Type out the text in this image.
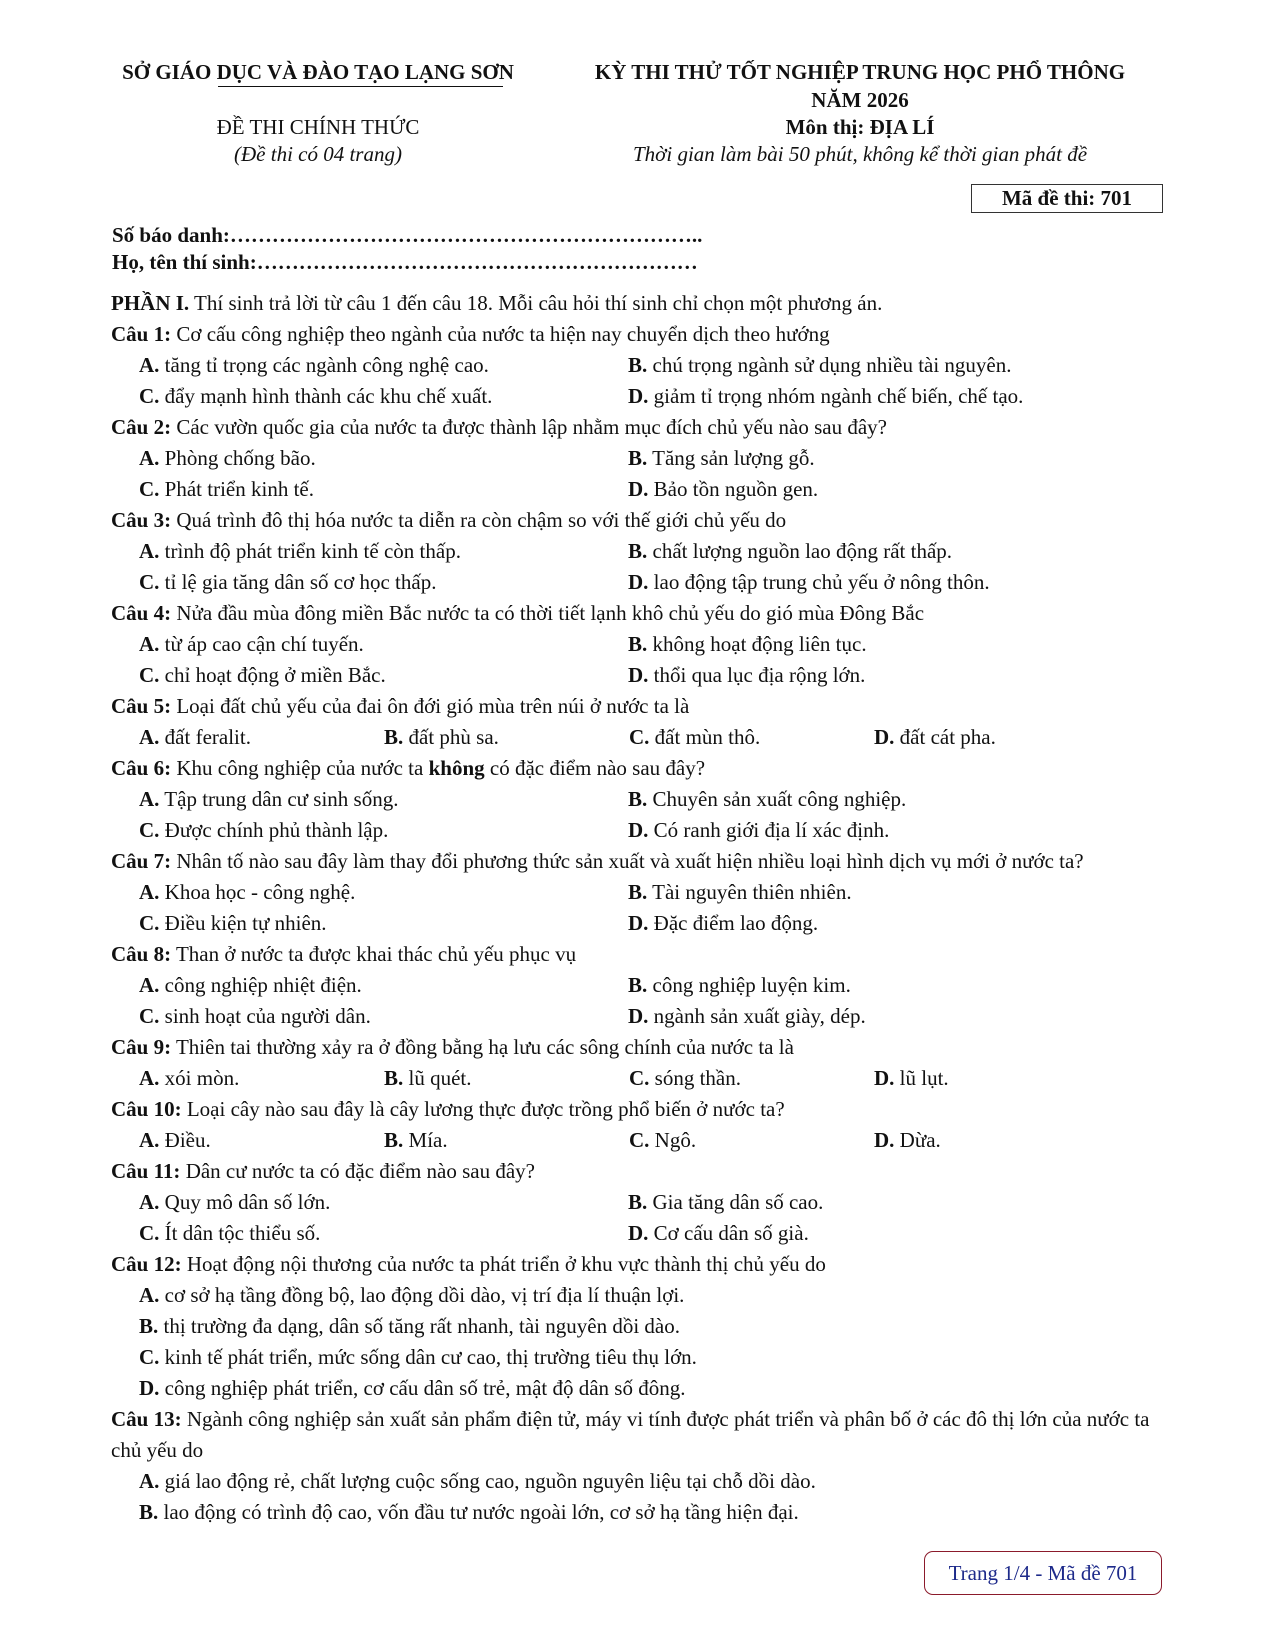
SỞ GIÁO DỤC VÀ ĐÀO TẠO LẠNG SƠN	KỲ THI THỬ TỐT NGHIỆP TRUNG HỌC PHỔ THÔNG
NĂM 2026
ĐỀ THI CHÍNH THỨC
(Đề thi có 04 trang)
Môn thị: ĐỊA LÍ
Thời gian làm bài 50 phút, không kể thời gian phát đề
Mã đề thi: 701
Số báo danh:…………………………………………………………..
Họ, tên thí sinh:………………………………………………………
PHẦN I. Thí sinh trả lời từ câu 1 đến câu 18. Mỗi câu hỏi thí sinh chỉ chọn một phương án.
Câu 1: Cơ cấu công nghiệp theo ngành của nước ta hiện nay chuyển dịch theo hướng
A. tăng tỉ trọng các ngành công nghệ cao.	B. chú trọng ngành sử dụng nhiều tài nguyên.
C. đẩy mạnh hình thành các khu chế xuất.	D. giảm tỉ trọng nhóm ngành chế biến, chế tạo.
Câu 2: Các vườn quốc gia của nước ta được thành lập nhằm mục đích chủ yếu nào sau đây?
A. Phòng chống bão.	B. Tăng sản lượng gỗ.
C. Phát triển kinh tế.	D. Bảo tồn nguồn gen.
Câu 3: Quá trình đô thị hóa nước ta diễn ra còn chậm so với thế giới chủ yếu do
A. trình độ phát triển kinh tế còn thấp.	B. chất lượng nguồn lao động rất thấp.
C. tỉ lệ gia tăng dân số cơ học thấp.	D. lao động tập trung chủ yếu ở nông thôn.
Câu 4: Nửa đầu mùa đông miền Bắc nước ta có thời tiết lạnh khô chủ yếu do gió mùa Đông Bắc
A. từ áp cao cận chí tuyến.	B. không hoạt động liên tục.
C. chỉ hoạt động ở miền Bắc.	D. thổi qua lục địa rộng lớn.
Câu 5: Loại đất chủ yếu của đai ôn đới gió mùa trên núi ở nước ta là
A. đất feralit.	B. đất phù sa.	C. đất mùn thô.	D. đất cát pha.
Câu 6: Khu công nghiệp của nước ta không có đặc điểm nào sau đây?
A. Tập trung dân cư sinh sống.	B. Chuyên sản xuất công nghiệp.
C. Được chính phủ thành lập.	D. Có ranh giới địa lí xác định.
Câu 7: Nhân tố nào sau đây làm thay đổi phương thức sản xuất và xuất hiện nhiều loại hình dịch vụ mới ở nước ta?
A. Khoa học - công nghệ.	B. Tài nguyên thiên nhiên.
C. Điều kiện tự nhiên.	D. Đặc điểm lao động.
Câu 8: Than ở nước ta được khai thác chủ yếu phục vụ
A. công nghiệp nhiệt điện.	B. công nghiệp luyện kim.
C. sinh hoạt của người dân.	D. ngành sản xuất giày, dép.
Câu 9: Thiên tai thường xảy ra ở đồng bằng hạ lưu các sông chính của nước ta là
A. xói mòn.	B. lũ quét.	C. sóng thần.	D. lũ lụt.
Câu 10: Loại cây nào sau đây là cây lương thực được trồng phổ biến ở nước ta?
A. Điều.	B. Mía.	C. Ngô.	D. Dừa.
Câu 11: Dân cư nước ta có đặc điểm nào sau đây?
A. Quy mô dân số lớn.	B. Gia tăng dân số cao.
C. Ít dân tộc thiểu số.	D. Cơ cấu dân số già.
Câu 12: Hoạt động nội thương của nước ta phát triển ở khu vực thành thị chủ yếu do
A. cơ sở hạ tầng đồng bộ, lao động dồi dào, vị trí địa lí thuận lợi.
B. thị trường đa dạng, dân số tăng rất nhanh, tài nguyên dồi dào.
C. kinh tế phát triển, mức sống dân cư cao, thị trường tiêu thụ lớn.
D. công nghiệp phát triển, cơ cấu dân số trẻ, mật độ dân số đông.
Câu 13: Ngành công nghiệp sản xuất sản phẩm điện tử, máy vi tính được phát triển và phân bố ở các đô thị lớn của nước ta chủ yếu do
A. giá lao động rẻ, chất lượng cuộc sống cao, nguồn nguyên liệu tại chỗ dồi dào.
B. lao động có trình độ cao, vốn đầu tư nước ngoài lớn, cơ sở hạ tầng hiện đại.
Trang 1/4 - Mã đề 701
